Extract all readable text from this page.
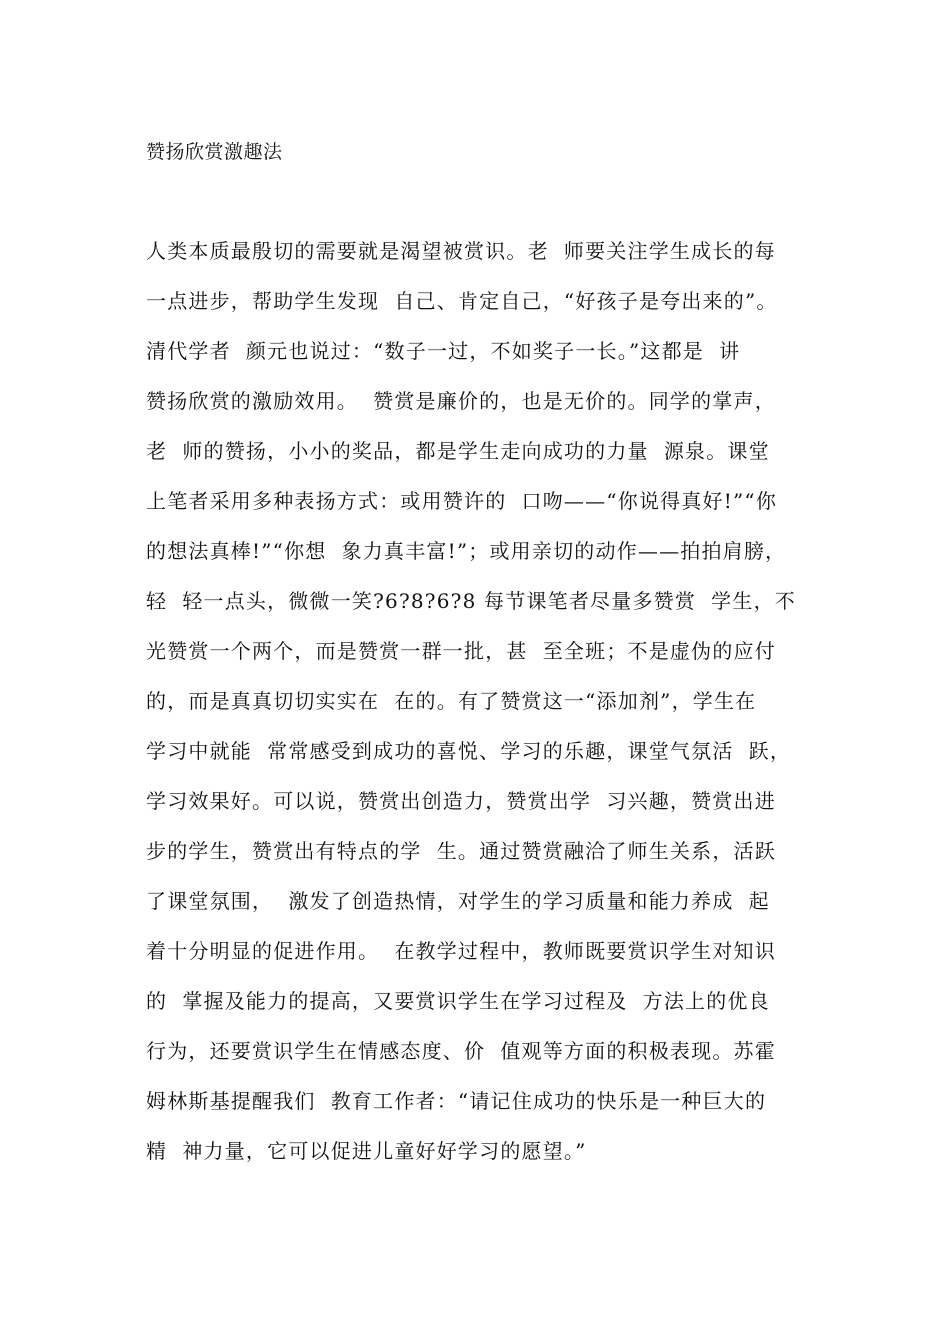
赞扬欣赏激趣法
人类本质最殷切的需要就是渴望被赏识。老  师要关注学生成长的每
一点进步，帮助学生发现  自己、肯定自己，“好孩子是夸出来的”。
清代学者  颜元也说过：“数子一过，不如奖子一长。”这都是  讲
赞扬欣赏的激励效用。  赞赏是廉价的，也是无价的。同学的掌声，
老  师的赞扬，小小的奖品，都是学生走向成功的力量  源泉。课堂
上笔者采用多种表扬方式：或用赞许的  口吻——“你说得真好!”“你
的想法真棒!”“你想  象力真丰富!”；或用亲切的动作——拍拍肩膀，
轻  轻一点头，微微一笑?6?8?6?8 每节课笔者尽量多赞赏  学生，不
光赞赏一个两个，而是赞赏一群一批，甚  至全班；不是虚伪的应付
的，而是真真切切实实在  在的。有了赞赏这一“添加剂”，学生在
学习中就能  常常感受到成功的喜悦、学习的乐趣，课堂气氛活  跃，
学习效果好。可以说，赞赏出创造力，赞赏出学  习兴趣，赞赏出进
步的学生，赞赏出有特点的学  生。通过赞赏融洽了师生关系，活跃
了课堂氛围，  激发了创造热情，对学生的学习质量和能力养成  起
着十分明显的促进作用。  在教学过程中，教师既要赏识学生对知识
的  掌握及能力的提高，又要赏识学生在学习过程及  方法上的优良
行为，还要赏识学生在情感态度、价  值观等方面的积极表现。苏霍
姆林斯基提醒我们  教育工作者：“请记住成功的快乐是一种巨大的
精  神力量，它可以促进儿童好好学习的愿望。”
